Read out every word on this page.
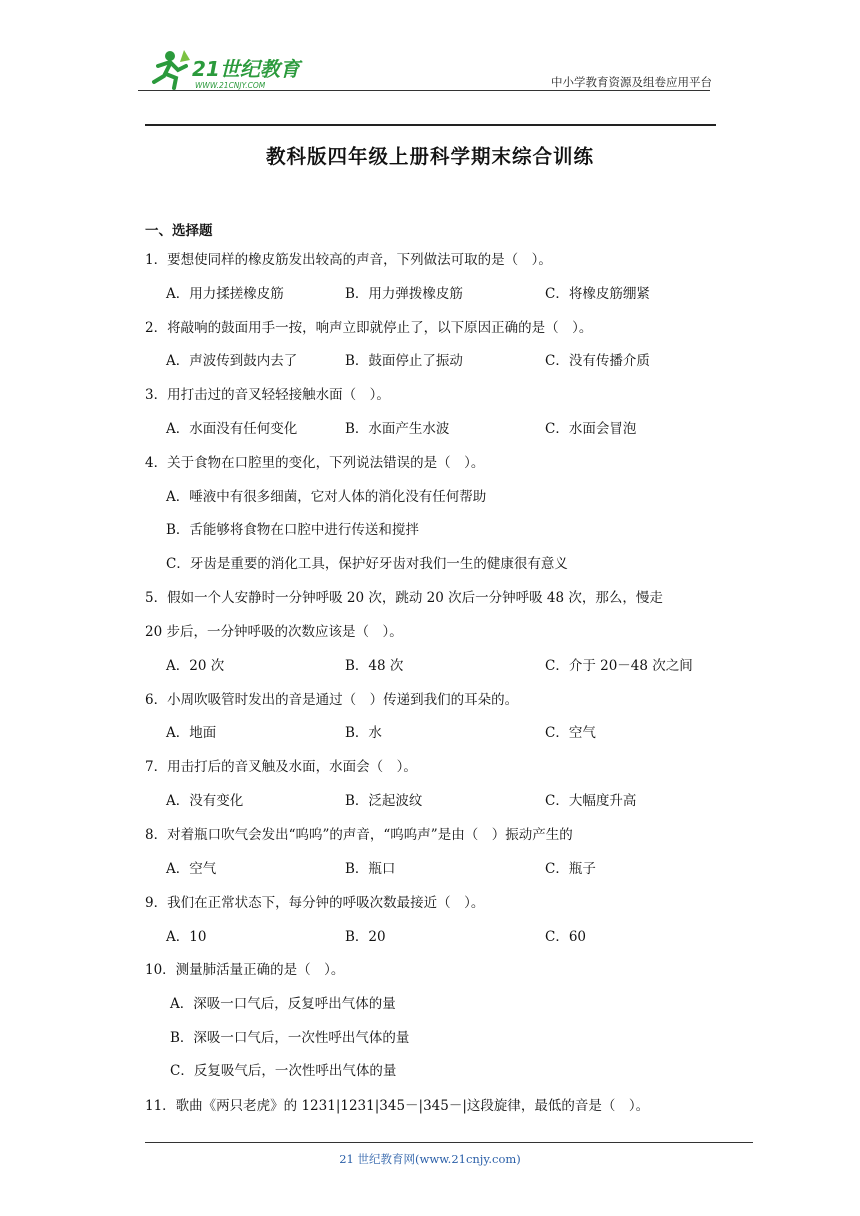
21世纪教育
WWW.21CNJY.COM	中小学教育资源及组卷应用平台
教科版四年级上册科学期末综合训练
一、选择题
1．要想使同样的橡皮筋发出较高的声音，下列做法可取的是（　）。
A．用力揉搓橡皮筋	B．用力弹拨橡皮筋	C．将橡皮筋绷紧
2．将敲响的鼓面用手一按，响声立即就停止了，以下原因正确的是（　）。
A．声波传到鼓内去了	B．鼓面停止了振动	C．没有传播介质
3．用打击过的音叉轻轻接触水面（　）。
A．水面没有任何变化	B．水面产生水波	C．水面会冒泡
4．关于食物在口腔里的变化，下列说法错误的是（　）。
A．唾液中有很多细菌，它对人体的消化没有任何帮助
B．舌能够将食物在口腔中进行传送和搅拌
C．牙齿是重要的消化工具，保护好牙齿对我们一生的健康很有意义
5．假如一个人安静时一分钟呼吸 20 次，跳动 20 次后一分钟呼吸 48 次，那么，慢走
20 步后，一分钟呼吸的次数应该是（　）。
A．20 次	B．48 次	C．介于 20－48 次之间
6．小周吹吸管时发出的音是通过（　）传递到我们的耳朵的。
A．地面	B．水	C．空气
7．用击打后的音叉触及水面，水面会（　）。
A．没有变化	B．泛起波纹	C．大幅度升高
8．对着瓶口吹气会发出“呜呜”的声音，“呜呜声”是由（　）振动产生的
A．空气	B．瓶口	C．瓶子
9．我们在正常状态下，每分钟的呼吸次数最接近（　）。
A．10	B．20	C．60
10．测量肺活量正确的是（　）。
A．深吸一口气后，反复呼出气体的量
B．深吸一口气后，一次性呼出气体的量
C．反复吸气后，一次性呼出气体的量
11．歌曲《两只老虎》的 1231|1231|345－|345－|这段旋律，最低的音是（　）。
21 世纪教育网(www.21cnjy.com)
